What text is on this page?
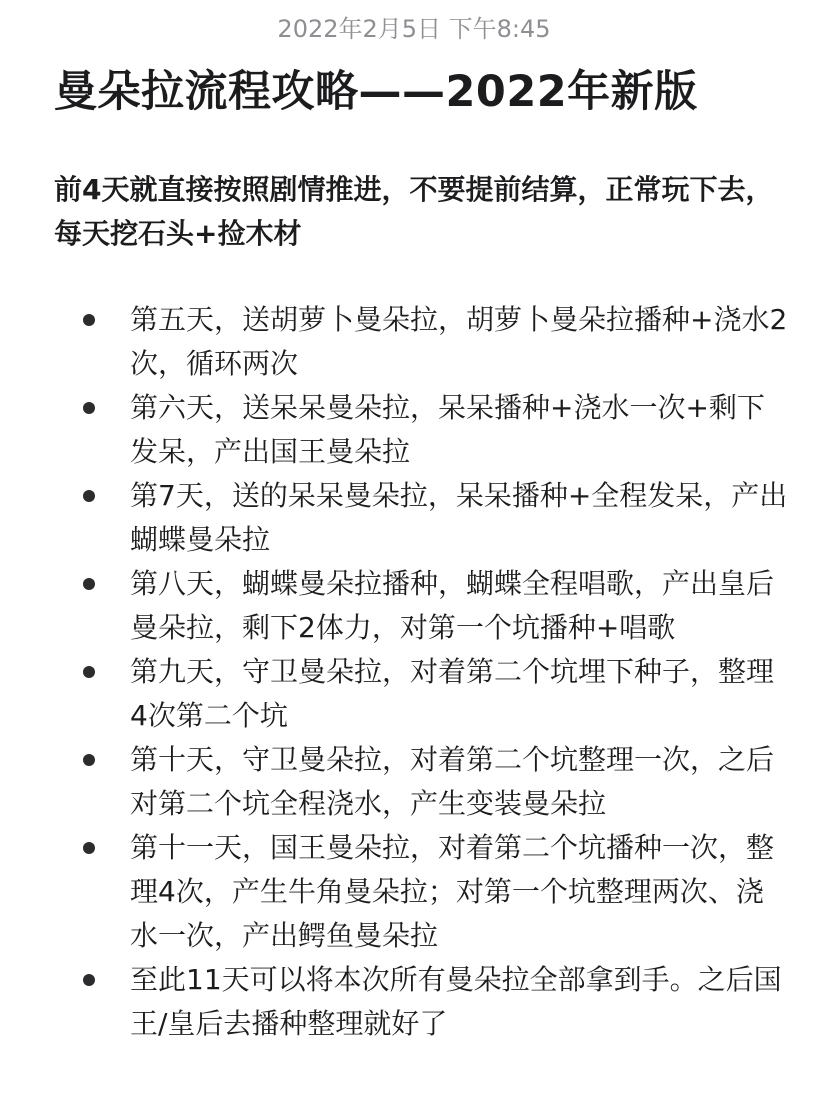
2022年2月5日 下午8:45
曼朵拉流程攻略——2022年新版
前4天就直接按照剧情推进，不要提前结算，正常玩下去，每天挖石头+捡木材
第五天，送胡萝卜曼朵拉，胡萝卜曼朵拉播种+浇水2次，循环两次
第六天，送呆呆曼朵拉，呆呆播种+浇水一次+剩下发呆，产出国王曼朵拉
第7天，送的呆呆曼朵拉，呆呆播种+全程发呆，产出蝴蝶曼朵拉
第八天，蝴蝶曼朵拉播种，蝴蝶全程唱歌，产出皇后曼朵拉，剩下2体力，对第一个坑播种+唱歌
第九天，守卫曼朵拉，对着第二个坑埋下种子，整理4次第二个坑
第十天，守卫曼朵拉，对着第二个坑整理一次，之后对第二个坑全程浇水，产生变装曼朵拉
第十一天，国王曼朵拉，对着第二个坑播种一次，整理4次，产生牛角曼朵拉；对第一个坑整理两次、浇水一次，产出鳄鱼曼朵拉
至此11天可以将本次所有曼朵拉全部拿到手。之后国王/皇后去播种整理就好了
